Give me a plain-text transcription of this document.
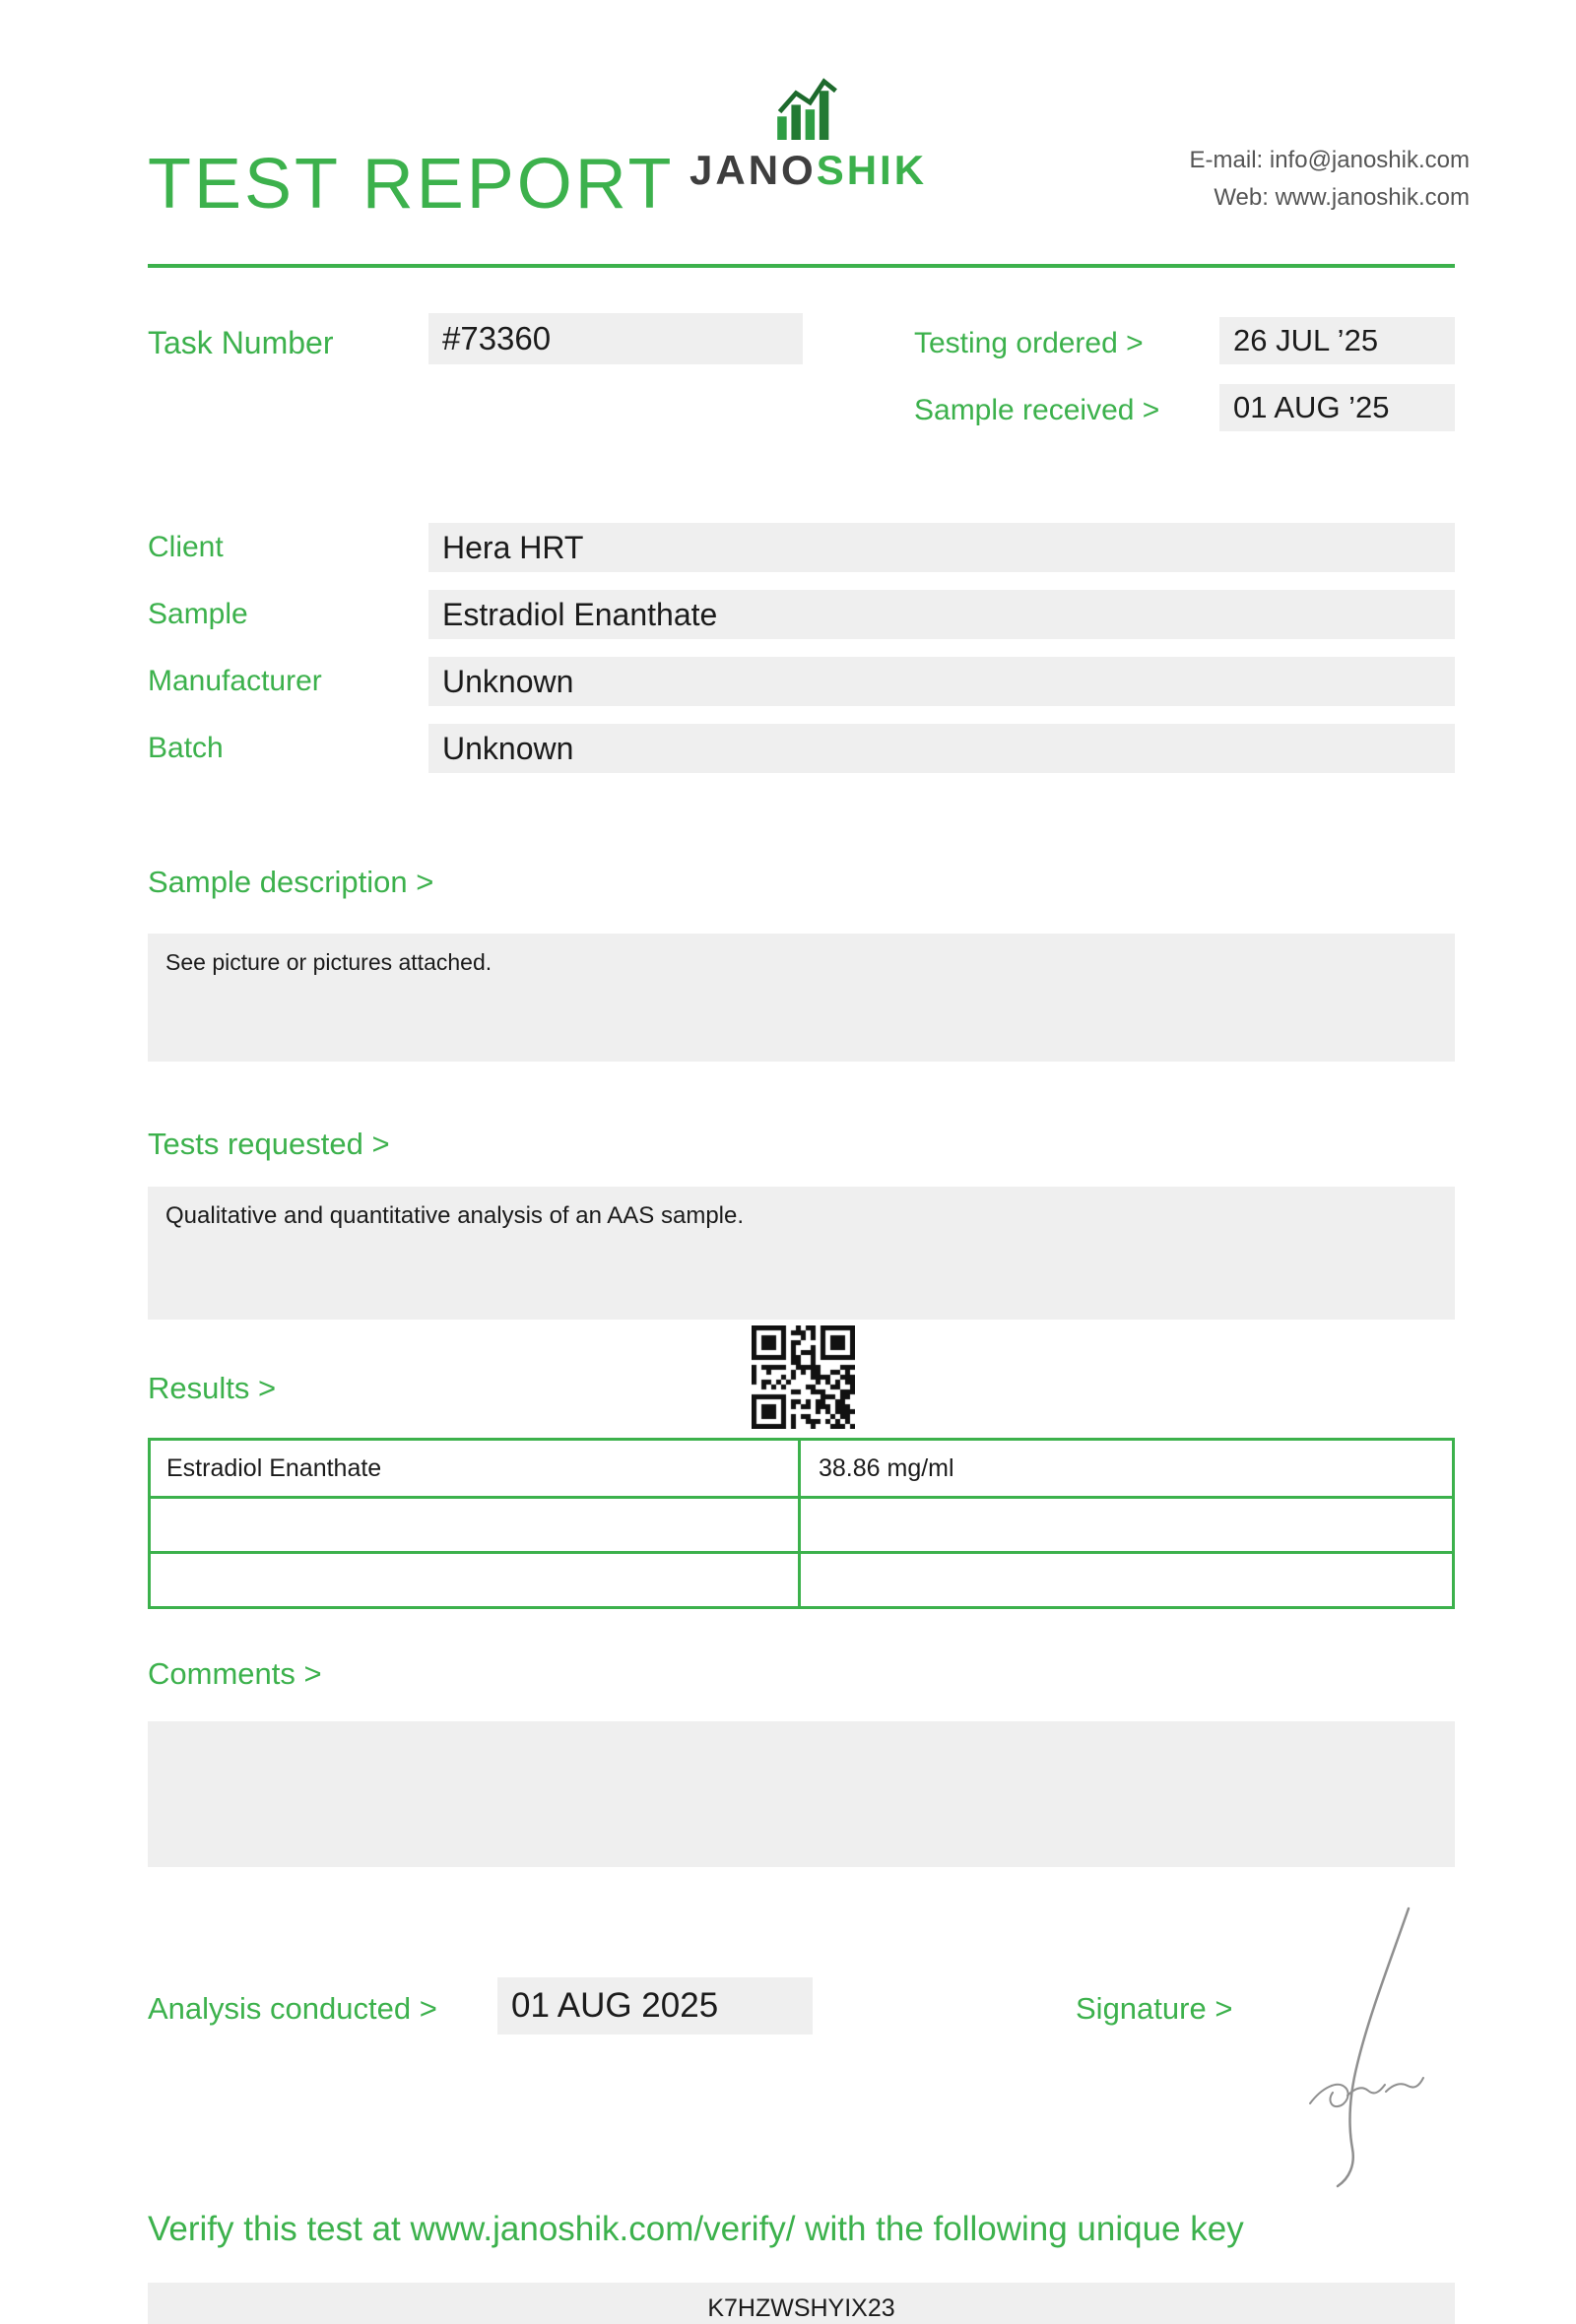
TEST REPORT JANOSHIK	E-mail: info@janoshik.com
Web: www.janoshik.com
Task Number	#73360	Testing ordered >	26 JUL ’25
Sample received >	01 AUG ’25
Client	Hera HRT
Sample	Estradiol Enanthate
Manufacturer	Unknown
Batch	Unknown
Sample description >
See picture or pictures attached.
Tests requested >
Qualitative and quantitative analysis of an AAS sample.
Results >
Estradiol Enanthate	38.86 mg/ml
Comments >
Analysis conducted >	01 AUG 2025	Signature >
Verify this test at www.janoshik.com/verify/ with the following unique key
K7HZWSHYIX23
